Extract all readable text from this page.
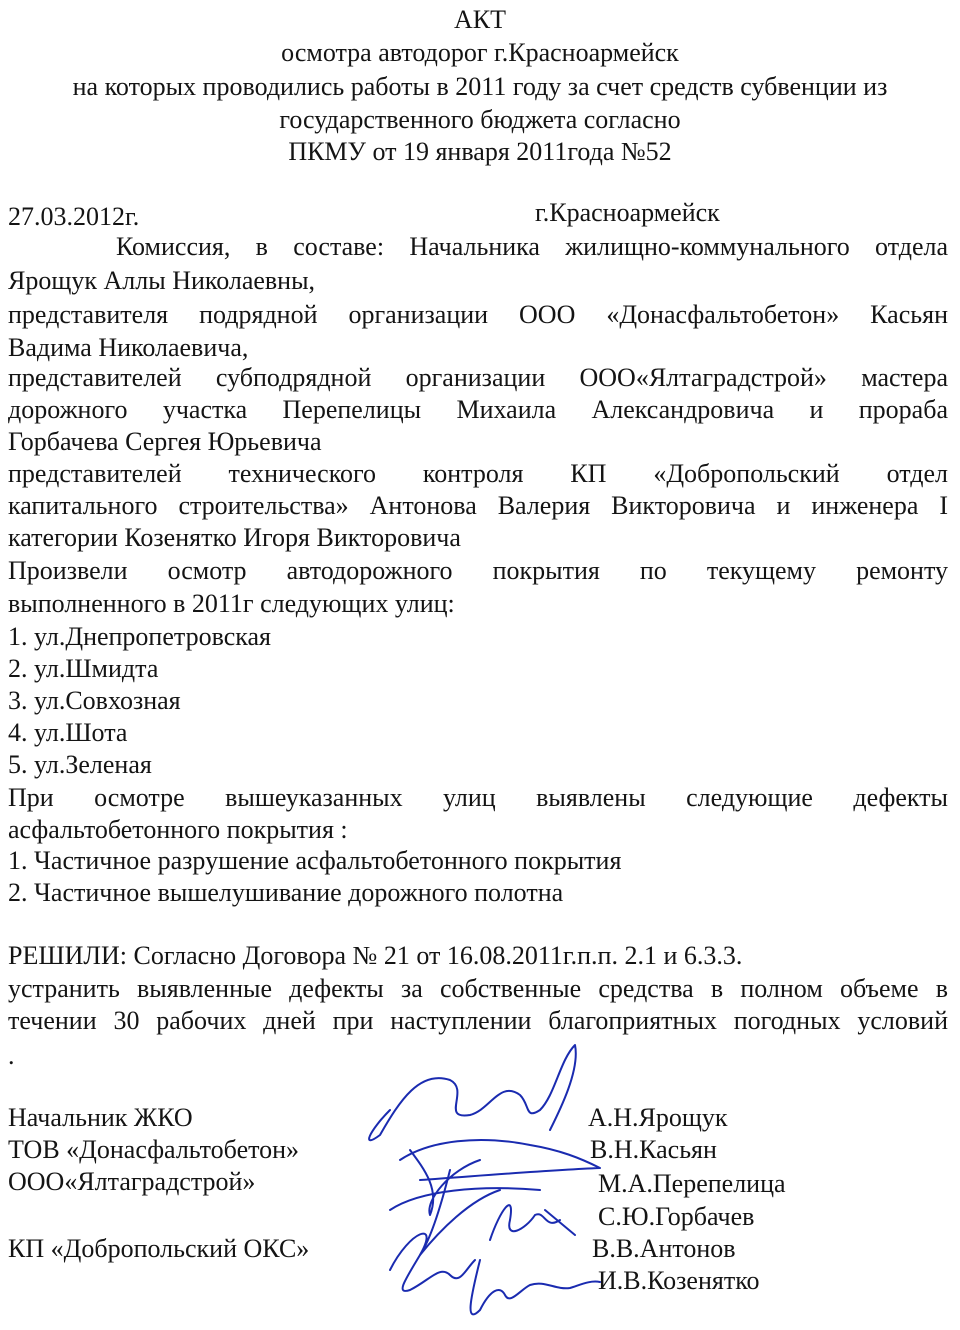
АКТ
осмотра автодорог г.Красноармейск
на которых проводились работы в 2011 году за счет средств субвенции из
государственного бюджета согласно
ПКМУ от 19 января 2011года №52
27.03.2012г.	г.Красноармейск
Комиссия, в составе: Начальника жилищно-коммунального отдела
Ярощук Аллы Николаевны,
представителя подрядной организации ООО «Донасфальтобетон» Касьян
Вадима Николаевича,
представителей субподрядной организации ООО«Ялтаградстрой» мастера
дорожного участка Перепелицы Михаила Александровича и прораба
Горбачева Сергея Юрьевича
представителей технического контроля КП «Добропольский отдел
капитального строительства» Антонова Валерия Викторовича и инженера I
категории Козенятко Игоря Викторовича
Произвели осмотр автодорожного покрытия по текущему ремонту
выполненного в 2011г следующих улиц:
1. ул.Днепропетровская
2. ул.Шмидта
3. ул.Совхозная
4. ул.Шота
5. ул.Зеленая
При осмотре вышеуказанных улиц выявлены следующие дефекты
асфальтобетонного покрытия :
1. Частичное разрушение асфальтобетонного покрытия
2. Частичное вышелушивание дорожного полотна
РЕШИЛИ: Согласно Договора № 21 от 16.08.2011г.п.п. 2.1 и 6.3.3.
устранить выявленные дефекты за собственные средства в полном объеме в
течении 30 рабочих дней при наступлении благоприятных погодных условий
.
Начальник ЖКО
ТОВ «Донасфальтобетон»
ООО«Ялтаградстрой»
КП «Добропольский ОКС»
А.Н.Ярощук
В.Н.Касьян
М.А.Перепелица
С.Ю.Горбачев
В.В.Антонов
И.В.Козенятко
